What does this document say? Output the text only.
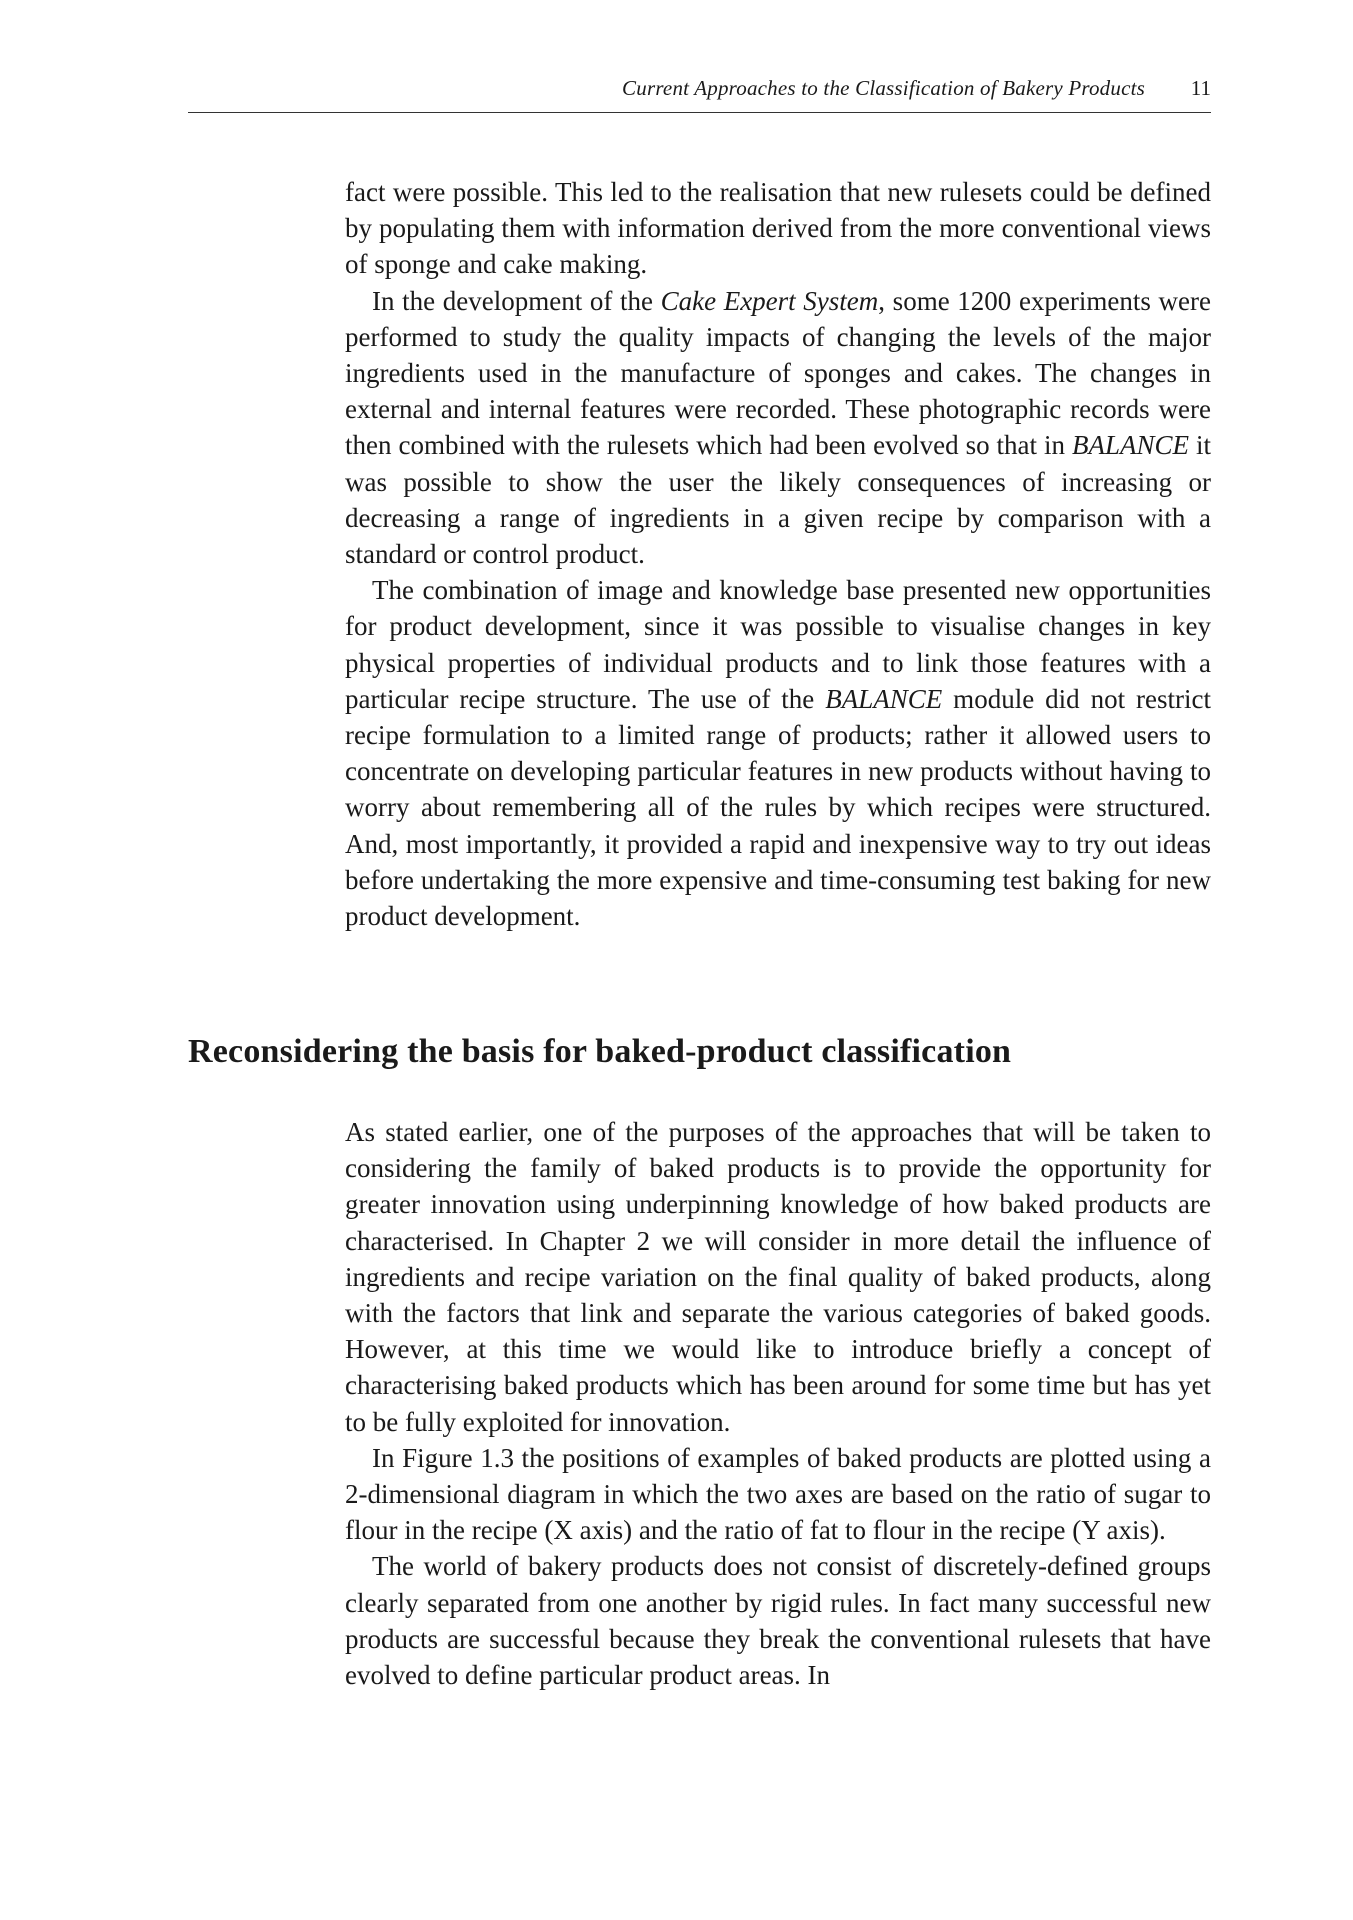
Current Approaches to the Classification of Bakery Products 11

fact were possible. This led to the realisation that new rulesets could be defined by populating them with information derived from the more conventional views of sponge and cake making.

In the development of the Cake Expert System, some 1200 experiments were performed to study the quality impacts of changing the levels of the major ingredients used in the manufacture of sponges and cakes. The changes in external and internal features were recorded. These photographic records were then combined with the rulesets which had been evolved so that in BALANCE it was possible to show the user the likely consequences of increasing or decreasing a range of ingredients in a given recipe by comparison with a standard or control product.

The combination of image and knowledge base presented new opportunities for product development, since it was possible to visualise changes in key physical properties of individual products and to link those features with a particular recipe structure. The use of the BALANCE module did not restrict recipe formulation to a limited range of products; rather it allowed users to concentrate on developing particular features in new products without having to worry about remembering all of the rules by which recipes were structured. And, most importantly, it provided a rapid and inexpensive way to try out ideas before undertaking the more expensive and time-consuming test baking for new product development.

Reconsidering the basis for baked-product classification

As stated earlier, one of the purposes of the approaches that will be taken to considering the family of baked products is to provide the opportunity for greater innovation using underpinning knowledge of how baked products are characterised. In Chapter 2 we will consider in more detail the influence of ingredients and recipe variation on the final quality of baked products, along with the factors that link and separate the various categories of baked goods. However, at this time we would like to introduce briefly a concept of characterising baked products which has been around for some time but has yet to be fully exploited for innovation.

In Figure 1.3 the positions of examples of baked products are plotted using a 2-dimensional diagram in which the two axes are based on the ratio of sugar to flour in the recipe (X axis) and the ratio of fat to flour in the recipe (Y axis).

The world of bakery products does not consist of discretely-defined groups clearly separated from one another by rigid rules. In fact many successful new products are successful because they break the conventional rulesets that have evolved to define particular product areas. In
